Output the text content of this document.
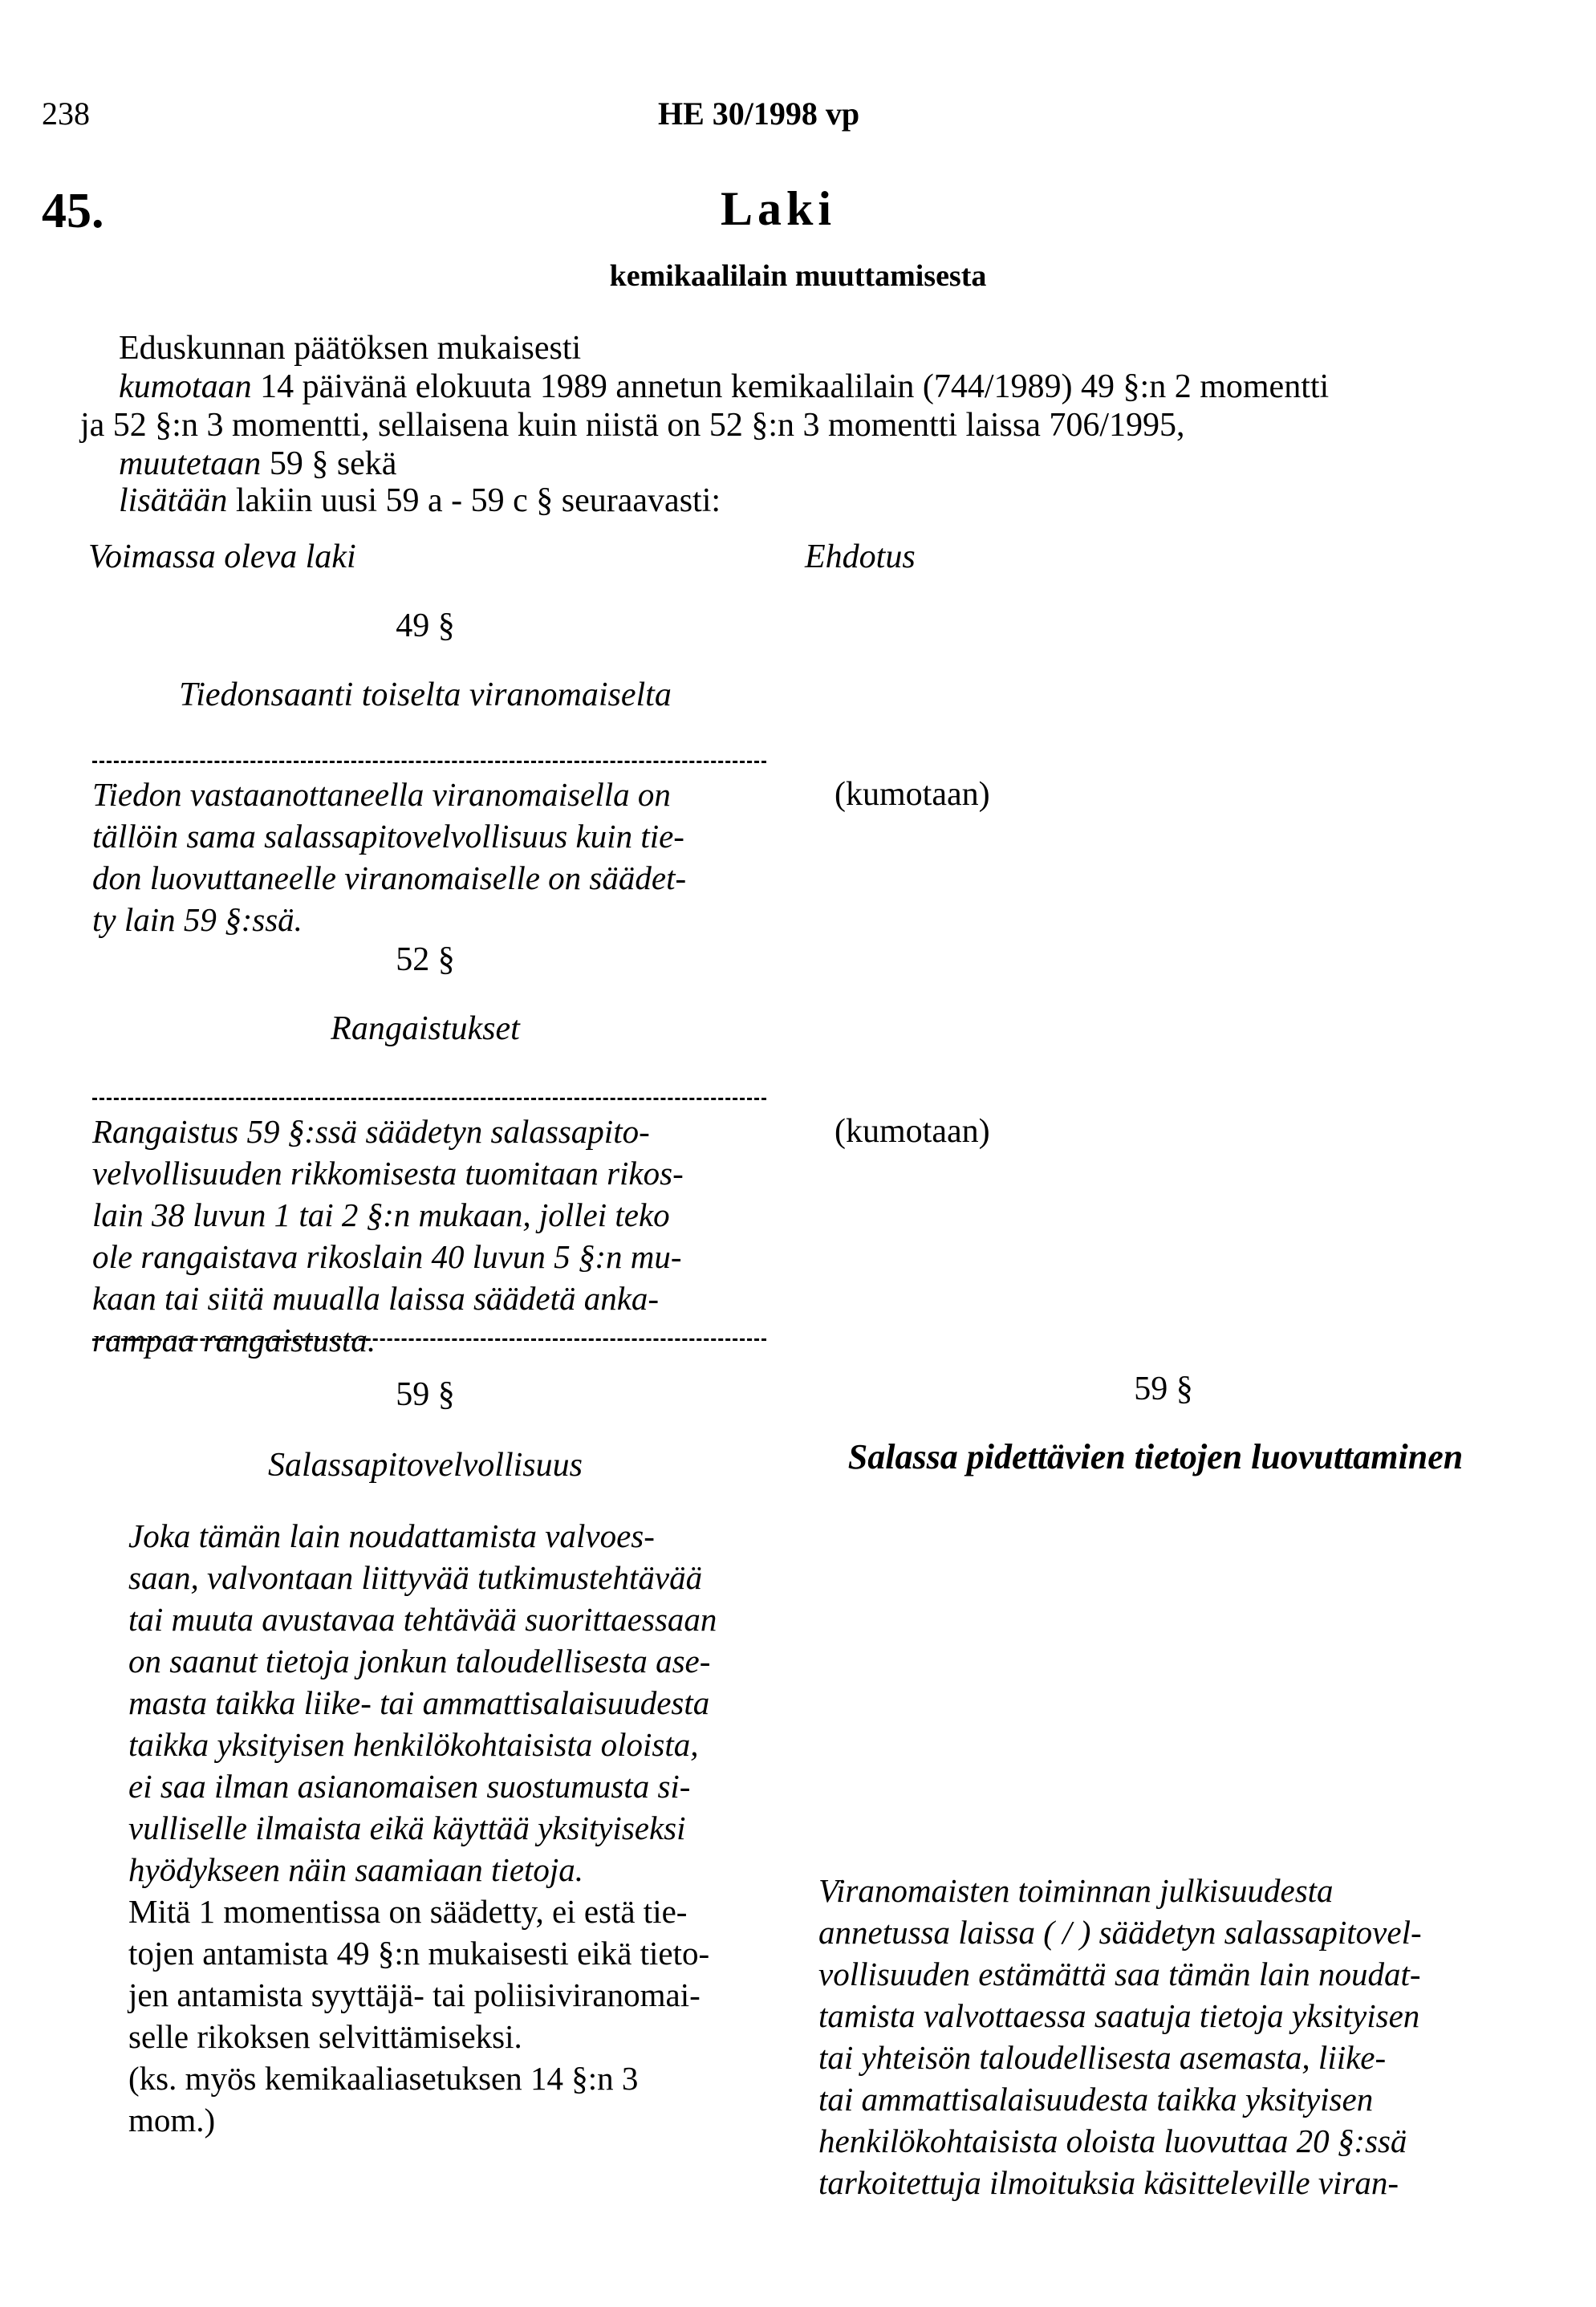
238	HE 30/1998 vp
45.	Laki
kemikaalilain muuttamisesta
Eduskunnan päätöksen mukaisesti
kumotaan 14 päivänä elokuuta 1989 annetun kemikaalilain (744/1989) 49 §:n 2 momentti
ja 52 §:n 3 momentti, sellaisena kuin niistä on 52 §:n 3 momentti laissa 706/1995,
muutetaan 59 § sekä
lisätään lakiin uusi 59 a - 59 c § seuraavasti:
Voimassa oleva laki	Ehdotus
49 §
Tiedonsaanti toiselta viranomaiselta
Tiedon vastaanottaneella viranomaisella on
tällöin sama salassapitovelvollisuus kuin tie-
don luovuttaneelle viranomaiselle on säädet-
ty lain 59 §:ssä.
(kumotaan)
52 §
Rangaistukset
Rangaistus 59 §:ssä säädetyn salassapito-
velvollisuuden rikkomisesta tuomitaan rikos-
lain 38 luvun 1 tai 2 §:n mukaan, jollei teko
ole rangaistava rikoslain 40 luvun 5 §:n mu-
kaan tai siitä muualla laissa säädetä anka-
rampaa rangaistusta.
(kumotaan)
59 §	59 §
Salassapitovelvollisuus	Salassa pidettävien tietojen luovuttaminen
Joka tämän lain noudattamista valvoes-
saan, valvontaan liittyvää tutkimustehtävää
tai muuta avustavaa tehtävää suorittaessaan
on saanut tietoja jonkun taloudellisesta ase-
masta taikka liike- tai ammattisalaisuudesta
taikka yksityisen henkilökohtaisista oloista,
ei saa ilman asianomaisen suostumusta si-
vulliselle ilmaista eikä käyttää yksityiseksi
hyödykseen näin saamiaan tietoja.
Mitä 1 momentissa on säädetty, ei estä tie-
tojen antamista 49 §:n mukaisesti eikä tieto-
jen antamista syyttäjä- tai poliisiviranomai-
selle rikoksen selvittämiseksi.
(ks. myös kemikaaliasetuksen 14 §:n 3
mom.)
Viranomaisten toiminnan julkisuudesta
annetussa laissa ( / ) säädetyn salassapitovel-
vollisuuden estämättä saa tämän lain noudat-
tamista valvottaessa saatuja tietoja yksityisen
tai yhteisön taloudellisesta asemasta, liike-
tai ammattisalaisuudesta taikka yksityisen
henkilökohtaisista oloista luovuttaa 20 §:ssä
tarkoitettuja ilmoituksia käsitteleville viran-
